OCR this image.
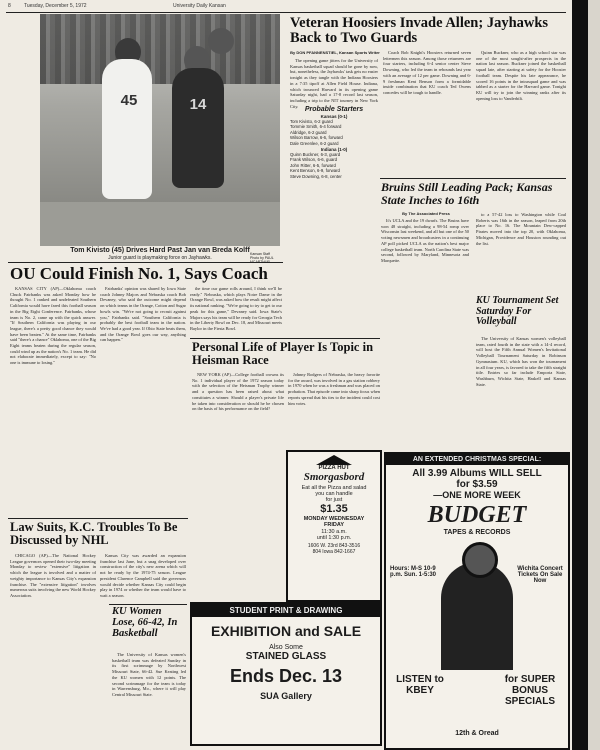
8	Tuesday, December 5, 1972	University Daily Kansan
45	14
Kansan Staff Photo by PAUL
Tom Kivisto (45) Drives Hard Past Jan van Breda Kolff
Junior guard is playmaking force on Jayhawks.
OU Could Finish No. 1, Says Coach

KANSAS CITY (AP)—Oklahoma coach Chuck Fairbanks was asked Monday how he thought No. 1 ranked and undefeated Southern California would have fared this football season in the Big Eight Conference. Fairbanks, whose team is No. 2, came up with the quick answer. "If Southern California was playing in our league, there's a pretty good chance they would have been beaten." At the same time, Fairbanks said "there's a chance" Oklahoma, one of the Big Eight teams beaten during the regular season, could wind up as the nation's No. 1 team. He did not elaborate immediately, except to say: "No one is immune to losing."

Fairbanks' opinion was shared by Iowa State coach Johnny Majors and Nebraska coach Bob Devaney, who said the outcome might depend on which teams in the Orange, Cotton and Sugar bowls win. "We're not going to recruit against you," Fairbanks said. "Southern California is probably the best football team in the nation. We've had a good year. If Ohio State beats them, and the Orange Bowl goes our way, anything can happen."

the time our game rolls around, I think we'll be ready." Nebraska, which plays Notre Dame in the Orange Bowl, was asked how the result might affect its national ranking. "We're going to try to get to our peak for this game," Devaney said. Iowa State's Majors says his team will be ready for Georgia Tech in the Liberty Bowl on Dec. 18, and Missouri meets Baylor in the Fiesta Bowl.

Law Suits, K.C. Troubles To Be Discussed by NHL

CHICAGO (AP)—The National Hockey League governors opened their two-day meeting Monday to review "extensive" litigation in which the league is involved and a matter of weighty importance to Kansas City's expansion franchise. The "extensive litigation" involves numerous suits involving the new World Hockey Association.

Kansas City was awarded an expansion franchise last June, but a snag developed over construction of the city's new arena which will not be ready by the 1974-75 season. League president Clarence Campbell said the governors would decide whether Kansas City could begin play in 1974 or whether the team would have to wait a season.

KU Women Lose, 66-42, In Basketball

The University of Kansas women's basketball team was defeated Sunday in its first scrimmage by Northwest Missouri State, 66-42. Sue Keating led the KU women with 12 points. The second scrimmage for the team is today in Warrensburg, Mo., where it will play Central Missouri State.

Veteran Hoosiers Invade Allen; Jayhawks Back to Two Guards
By DON PFANNENSTIEL, Kansan Sports Writer

The opening game jitters for the University of Kansas basketball squad should be gone by now, but, nonetheless, the Jayhawks' task gets no easier tonight as they tangle with the Indiana Hoosiers in a 7:35 tipoff at Allen Field House. Indiana, which trounced Harvard in its opening game Saturday night, had a 17-8 record last season, including a trip to the NIT tourney in New York City.

Coach Bob Knight's Hoosiers returned seven lettermen this season. Among those returnees are four starters, including 6-4 senior center Steve Downing, who led the team in rebounds last year with an average of 12 per game. Downing and 6-9 freshman Kent Benson form a formidable inside combination that KU coach Ted Owens concedes will be tough to handle.

Quinn Buckner, who as a high school star was one of the most sought-after prospects in the nation last season. Buckner joined the basketball squad late, after starting at safety for the Hoosier football team. Despite his late appearance, he scored 16 points in the intrasquad game and was tabbed as a starter for the Harvard game. Tonight KU will try to join the winning ranks after its opening loss to Vanderbilt.

Probable Starters
Kansas (0-1)
Tom Kivisto, 6-2 guard
Tommie Smith, 6-4 forward
Aldridge, 6-2 guard
Wilson Barrow, 6-6, forward
Dale Greenlee, 6-2 guard
Indiana (1-0)
Quinn Buckner, 6-3, guard
Frank Wilson, 6-6, guard
John Ritter, 6-5, forward
Kent Benson, 6-9, forward
Steve Downing, 6-8, center
Bruins Still Leading Pack; Kansas State Inches to 16th
By The Associated Press

It's UCLA and the 19 dwarfs. The Bruins have won 48 straight, including a 98-54 romp over Wisconsin last weekend, and all but one of the 50 voting newsmen and broadcasters in a continuing AP poll picked UCLA as the nation's best major college basketball team. North Carolina State was second, followed by Maryland, Minnesota and Marquette.

to a 57-42 loss to Washington while Coal Roberts was 16th in the season, leaped from 20th place to No. 16. The Mountain Dew-capped Pirates moved into the top 20, with Oklahoma, Michigan, Providence and Houston rounding out the list.

KU Tournament Set Saturday For Volleyball

The University of Kansas women's volleyball team, rated fourth in the state with a 14-4 record, will host the Fifth Annual Women's Invitational Volleyball Tournament Saturday in Robinson Gymnasium. KU, which has won the tournament in all four years, is favored to take the fifth straight title. Entries so far include Emporia State, Washburn, Wichita State, Haskell and Kansas State.

Personal Life of Player Is Topic in Heisman Race

NEW YORK (AP)—College football crowns its No. 1 individual player of the 1972 season today with the selection of the Heisman Trophy winner and a question has been raised about what constitutes a winner. Should a player's private life be taken into consideration or should he be chosen on the basis of his performance on the field?

Johnny Rodgers of Nebraska, the heavy favorite for the award, was involved in a gas station robbery in 1970 when he was a freshman and was placed on probation. That episode came into sharp focus when reports spread that his ties to the incident could cost him votes.

PIZZA HUT
Smorgasbord
Eat all the Pizza and salad
you can handle
for just
$1.35
MONDAY WEDNESDAY FRIDAY
11:30 a.m.
until 1:30 p.m.
1606 W. 23rd 843-3516
804 Iowa 842-1667
STUDENT PRINT & DRAWING
EXHIBITION and SALE
Also Some
STAINED GLASS
Ends Dec. 13
SUA Gallery
AN EXTENDED CHRISTMAS SPECIAL:
All 3.99 Albums WILL SELL for $3.59
—ONE MORE WEEK
BUDGET
TAPES & RECORDS
Hours: M-S 10-9 p.m. Sun. 1-5:30
Wichita Concert Tickets On Sale Now
LISTEN to KBEY
for SUPER BONUS SPECIALS
12th & Oread
